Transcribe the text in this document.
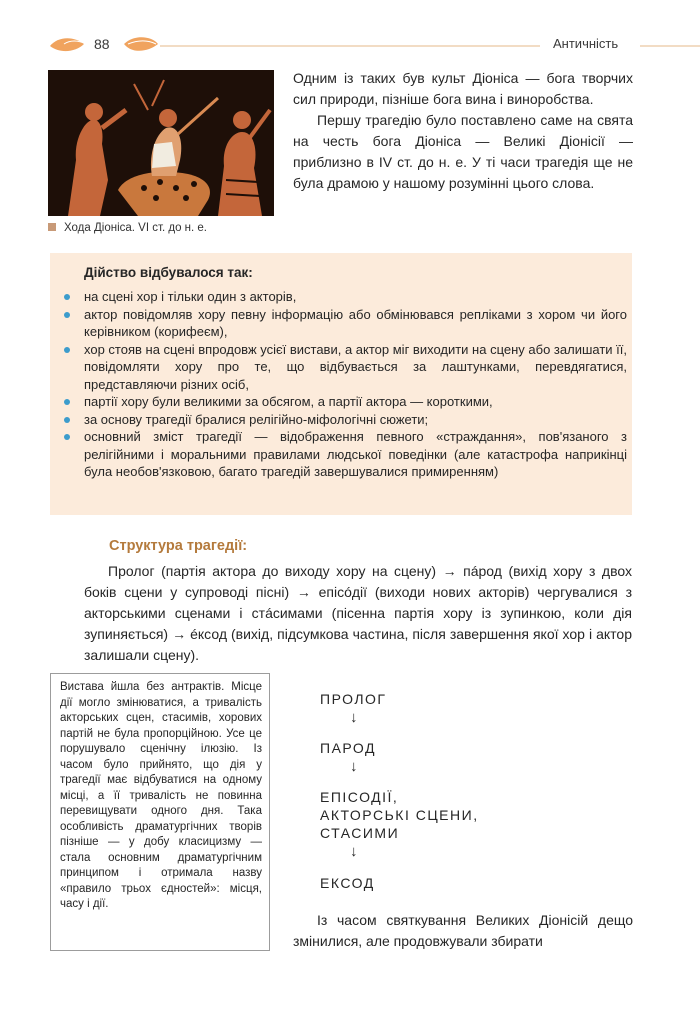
88	Античність
Хода Діоніса. VI ст. до н. е.

Одним із таких був культ Діоніса — бога творчих сил природи, пізніше бога вина і виноробства.

Першу трагедію було поставлено саме на свята на честь бога Діоніса — Великі Діонісії — приблизно в IV ст. до н. е. У ті часи трагедія ще не була драмою у нашому розумінні цього слова.

Дійство відбувалося так:
на сцені хор і тільки один з акторів,
актор повідомляв хору певну інформацію або обмінювався репліками з хором чи його керівником (корифеєм),
хор стояв на сцені впродовж усієї вистави, а актор міг виходити на сцену або залишати її, повідомляти хору про те, що відбувається за лаштунками, перевдягатися, представляючи різних осіб,
партії хору були великими за обсягом, а партії актора — короткими,
за основу трагедії бралися релігійно-міфологічні сюжети;
основний зміст трагедії — відображення певного «страждання», пов'язаного з релігійними і моральними правилами людської поведінки (але катастрофа наприкінці була необов'язковою, багато трагедій завершувалися примиренням)
Структура трагедії:

Пролог (партія актора до виходу хору на сцену) → пáрод (вихід хору з двох боків сцени у супроводі пісні) → епісóдії (виходи нових акторів) чергувалися з акторськими сценами і стáсимами (пісенна партія хору із зупинкою, коли дія зупиняється) → éксод (вихід, підсумкова частина, після завершення якої хор і актор залишали сцену).

Вистава йшла без антрактів. Місце дії могло змінюватися, а тривалість акторських сцен, стасимів, хорових партій не була пропорційною. Усе це порушувало сценічну ілюзію. Із часом було прийнято, що дія у трагедії має відбуватися на одному місці, а її тривалість не повинна перевищувати одного дня. Така особливість драматургічних творів пізніше — у добу класицизму — стала основним драматургічним принципом і отримала назву «правило трьох єдностей»: місця, часу і дії.

ПРОЛОГ
↓
ПАРОД
↓
ЕПІСОДІЇ,
АКТОРСЬКІ СЦЕНИ,
СТАСИМИ
↓
ЕКСОД

Із часом святкування Великих Діонісій дещо змінилися, але продовжували збирати
